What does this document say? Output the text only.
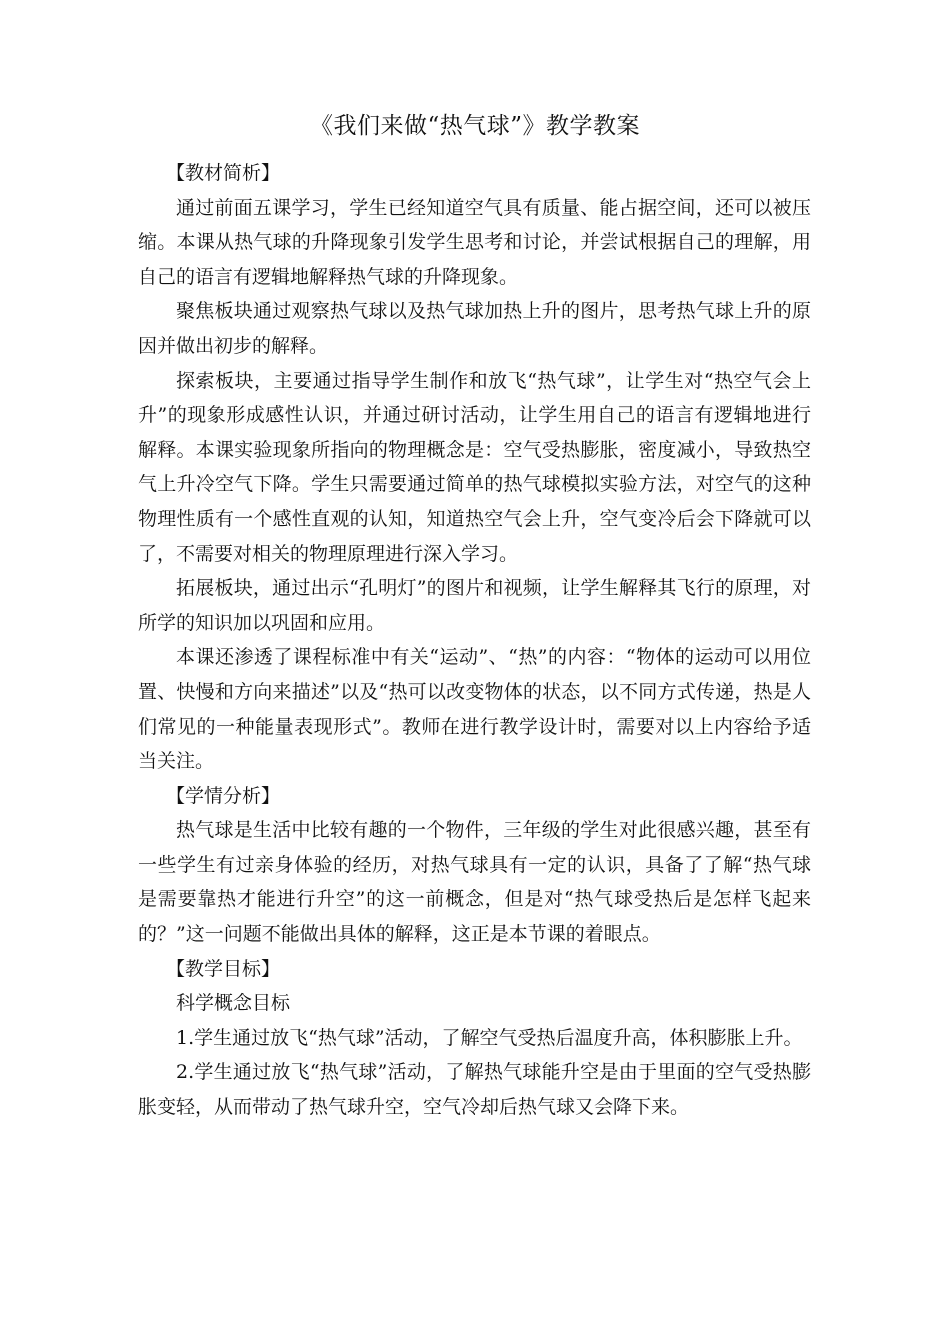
《我们来做“热气球”》教学教案

【教材简析】

通过前面五课学习，学生已经知道空气具有质量、能占据空间，还可以被压缩。本课从热气球的升降现象引发学生思考和讨论，并尝试根据自己的理解，用自己的语言有逻辑地解释热气球的升降现象。

聚焦板块通过观察热气球以及热气球加热上升的图片，思考热气球上升的原因并做出初步的解释。

探索板块，主要通过指导学生制作和放飞“热气球”，让学生对“热空气会上升”的现象形成感性认识，并通过研讨活动，让学生用自己的语言有逻辑地进行解释。本课实验现象所指向的物理概念是：空气受热膨胀，密度减小，导致热空气上升冷空气下降。学生只需要通过简单的热气球模拟实验方法，对空气的这种物理性质有一个感性直观的认知，知道热空气会上升，空气变冷后会下降就可以了，不需要对相关的物理原理进行深入学习。

拓展板块，通过出示“孔明灯”的图片和视频，让学生解释其飞行的原理，对所学的知识加以巩固和应用。

本课还渗透了课程标准中有关“运动”、“热”的内容：“物体的运动可以用位置、快慢和方向来描述”以及“热可以改变物体的状态，以不同方式传递，热是人们常见的一种能量表现形式”。教师在进行教学设计时，需要对以上内容给予适当关注。

【学情分析】

热气球是生活中比较有趣的一个物件，三年级的学生对此很感兴趣，甚至有一些学生有过亲身体验的经历，对热气球具有一定的认识，具备了了解“热气球是需要靠热才能进行升空”的这一前概念，但是对“热气球受热后是怎样飞起来的？”这一问题不能做出具体的解释，这正是本节课的着眼点。

【教学目标】

科学概念目标

1.学生通过放飞“热气球”活动，了解空气受热后温度升高，体积膨胀上升。

2.学生通过放飞“热气球”活动，了解热气球能升空是由于里面的空气受热膨胀变轻，从而带动了热气球升空，空气冷却后热气球又会降下来。
